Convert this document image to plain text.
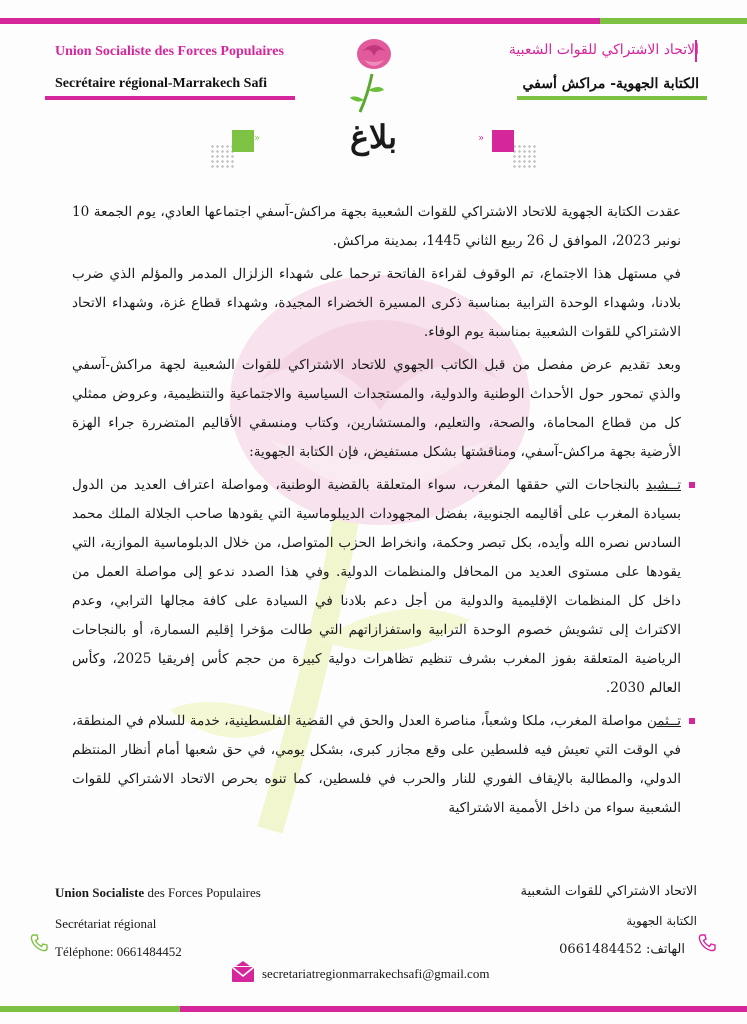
Union Socialiste des Forces Populaires
Secrétaire régional-Marrakech Safi
الاتحاد الاشتراكي للقوات الشعبية
الكتابة الجهوية- مراكش أسفي
»	»
بلاغ

عقدت الكتابة الجهوية للاتحاد الاشتراكي للقوات الشعبية بجهة مراكش-آسفي اجتماعها العادي، يوم الجمعة 10 نونبر 2023، الموافق ل 26 ربيع الثاني 1445، بمدينة مراكش.

في مستهل هذا الاجتماع، تم الوقوف لقراءة الفاتحة ترحما على شهداء الزلزال المدمر والمؤلم الذي ضرب بلادنا، وشهداء الوحدة الترابية بمناسبة ذكرى المسيرة الخضراء المجيدة، وشهداء قطاع غزة، وشهداء الاتحاد الاشتراكي للقوات الشعبية بمناسبة يوم الوفاء.

وبعد تقديم عرض مفصل من قبل الكاتب الجهوي للاتحاد الاشتراكي للقوات الشعبية لجهة مراكش-آسفي والذي تمحور حول الأحداث الوطنية والدولية، والمستجدات السياسية والاجتماعية والتنظيمية، وعروض ممثلي كل من قطاع المحاماة، والصحة، والتعليم، والمستشارين، وكتاب ومنسقي الأقاليم المتضررة جراء الهزة الأرضية بجهة مراكش-آسفي، ومناقشتها بشكل مستفيض، فإن الكتابة الجهوية:

تــشيد بالنجاحات التي حققها المغرب، سواء المتعلقة بالقضية الوطنية، ومواصلة اعتراف العديد من الدول بسيادة المغرب على أقاليمه الجنوبية، بفضل المجهودات الديبلوماسية التي يقودها صاحب الجلالة الملك محمد السادس نصره الله وأيده، بكل تبصر وحكمة، وانخراط الحزب المتواصل، من خلال الدبلوماسية الموازية، التي يقودها على مستوى العديد من المحافل والمنظمات الدولية. وفي هذا الصدد ندعو إلى مواصلة العمل من داخل كل المنظمات الإقليمية والدولية من أجل دعم بلادنا في السيادة على كافة مجالها الترابي، وعدم الاكتراث إلى تشويش خصوم الوحدة الترابية واستفزازاتهم التي طالت مؤخرا إقليم السمارة، أو بالنجاحات الرياضية المتعلقة بفوز المغرب بشرف تنظيم تظاهرات دولية كبيرة من حجم كأس إفريقيا 2025، وكأس العالم 2030.
تــثمن مواصلة المغرب، ملكا وشعباً، مناصرة العدل والحق في القضية الفلسطينية، خدمة للسلام في المنطقة، في الوقت التي تعيش فيه فلسطين على وقع مجازر كبرى، بشكل يومي، في حق شعبها أمام أنظار المنتظم الدولي، والمطالبة بالإيقاف الفوري للنار والحرب في فلسطين، كما تنوه بحرص الاتحاد الاشتراكي للقوات الشعبية سواء من داخل الأممية الاشتراكية
Union Socialiste des Forces Populaires
Secrétariat régional
Téléphone: 0661484452
الاتحاد الاشتراكي للقوات الشعبية
الكتابة الجهوية
الهاتف: 0661484452
secretariatregionmarrakechsafi@gmail.com
